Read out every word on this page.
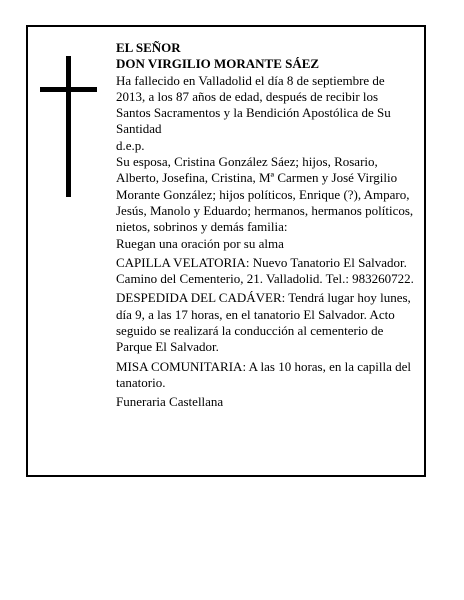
EL SEÑOR

DON VIRGILIO MORANTE SÁEZ

Ha fallecido en Valladolid el día 8 de septiembre de 2013, a los 87 años de edad, después de recibir los Santos Sacramentos y la Bendición Apostólica de Su Santidad

d.e.p.

Su esposa, Cristina González Sáez; hijos, Rosario, Alberto, Josefina, Cristina, Mª Carmen y José Virgilio Morante González; hijos políticos, Enrique (?), Amparo, Jesús, Manolo y Eduardo; hermanos, hermanos políticos, nietos, sobrinos y demás familia:

Ruegan una oración por su alma

CAPILLA VELATORIA: Nuevo Tanatorio El Salvador. Camino del Cementerio, 21. Valladolid. Tel.: 983260722.

DESPEDIDA DEL CADÁVER: Tendrá lugar hoy lunes, día 9, a las 17 horas, en el tanatorio El Salvador. Acto seguido se realizará la conducción al cementerio de Parque El Salvador.

MISA COMUNITARIA: A las 10 horas, en la capilla del tanatorio.

Funeraria Castellana
